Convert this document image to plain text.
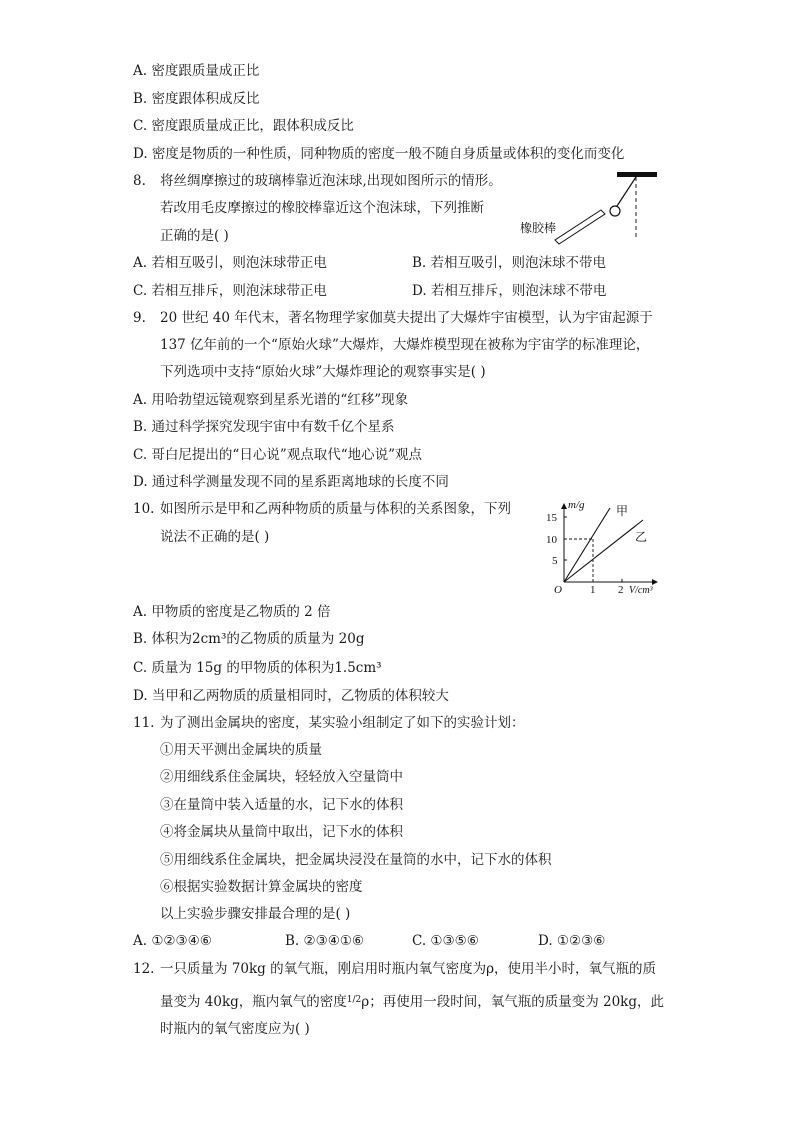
A. 密度跟质量成正比
B. 密度跟体积成反比
C. 密度跟质量成正比，跟体积成反比
D. 密度是物质的一种性质，同种物质的密度一般不随自身质量或体积的变化而变化
8. 将丝绸摩擦过的玻璃棒靠近泡沫球,出现如图所示的情形。
若改用毛皮摩擦过的橡胶棒靠近这个泡沫球，下列推断
正确的是( )	橡胶棒
A. 若相互吸引，则泡沫球带正电	B. 若相互吸引，则泡沫球不带电
C. 若相互排斥，则泡沫球带正电	D. 若相互排斥，则泡沫球不带电
9. 20 世纪 40 年代末，著名物理学家伽莫夫提出了大爆炸宇宙模型，认为宇宙起源于
137 亿年前的一个“原始火球”大爆炸，大爆炸模型现在被称为宇宙学的标准理论，
下列选项中支持“原始火球”大爆炸理论的观察事实是( )
A. 用哈勃望远镜观察到星系光谱的“红移”现象
B. 通过科学探究发现宇宙中有数千亿个星系
C. 哥白尼提出的“日心说”观点取代“地心说”观点
D. 通过科学测量发现不同的星系距离地球的长度不同
10. 如图所示是甲和乙两种物质的质量与体积的关系图象，下列
说法不正确的是( )
m/g
15
10
5
O	1 2 V/cm³
甲
乙
A. 甲物质的密度是乙物质的 2 倍
B. 体积为2cm³的乙物质的质量为 20g
C. 质量为 15g 的甲物质的体积为1.5cm³
D. 当甲和乙两物质的质量相同时，乙物质的体积较大
11. 为了测出金属块的密度，某实验小组制定了如下的实验计划：
①用天平测出金属块的质量
②用细线系住金属块，轻轻放入空量筒中
③在量筒中装入适量的水，记下水的体积
④将金属块从量筒中取出，记下水的体积
⑤用细线系住金属块，把金属块浸没在量筒的水中，记下水的体积
⑥根据实验数据计算金属块的密度
以上实验步骤安排最合理的是( )
A. ①②③④⑥	B. ②③④①⑥	C. ①③⑤⑥	D. ①②③⑥
12. 一只质量为 70kg 的氧气瓶，刚启用时瓶内氧气密度为ρ，使用半小时，氧气瓶的质
量变为 40kg，瓶内氧气的密度$^{1/2}$ρ；再使用一段时间，氧气瓶的质量变为 20kg，此
时瓶内的氧气密度应为( )
